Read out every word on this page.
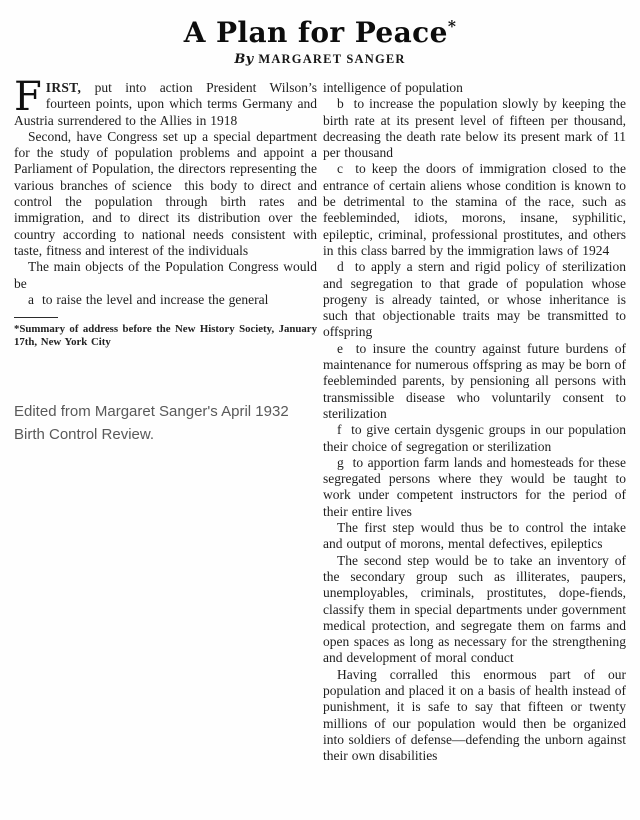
A Plan for Peace*
By MARGARET SANGER

FIRST, put into action President Wilson’s fourteen points, upon which terms Germany and Austria surrendered to the Allies in 1918

Second, have Congress set up a special department for the study of population problems and appoint a Parliament of Population, the directors representing the various branches of science  this body to direct and control the population through birth rates and immigration, and to direct its distribution over the country according to national needs consistent with taste, fitness and interest of the individuals

The main objects of the Population Congress would be

a  to raise the level and increase the general

*Summary of address before the New History Society, January 17th, New York City

Edited from Margaret Sanger's April 1932 Birth Control Review.

intelligence of population

b  to increase the population slowly by keeping the birth rate at its present level of fifteen per thousand, decreasing the death rate below its present mark of 11 per thousand

c  to keep the doors of immigration closed to the entrance of certain aliens whose condition is known to be detrimental to the stamina of the race, such as feebleminded, idiots, morons, insane, syphilitic, epileptic, criminal, professional prostitutes, and others in this class barred by the immigration laws of 1924

d  to apply a stern and rigid policy of sterilization and segregation to that grade of population whose progeny is already tainted, or whose inheritance is such that objectionable traits may be transmitted to offspring

e  to insure the country against future burdens of maintenance for numerous offspring as may be born of feebleminded parents, by pensioning all persons with transmissible disease who voluntarily consent to sterilization

f  to give certain dysgenic groups in our population their choice of segregation or sterilization

g  to apportion farm lands and homesteads for these segregated persons where they would be taught to work under competent instructors for the period of their entire lives

The first step would thus be to control the intake and output of morons, mental defectives, epileptics

The second step would be to take an inventory of the secondary group such as illiterates, paupers, unemployables, criminals, prostitutes, dope-fiends, classify them in special departments under government medical protection, and segregate them on farms and open spaces as long as necessary for the strengthening and development of moral conduct

Having corralled this enormous part of our population and placed it on a basis of health instead of punishment, it is safe to say that fifteen or twenty millions of our population would then be organized into soldiers of defense—defending the unborn against their own disabilities
